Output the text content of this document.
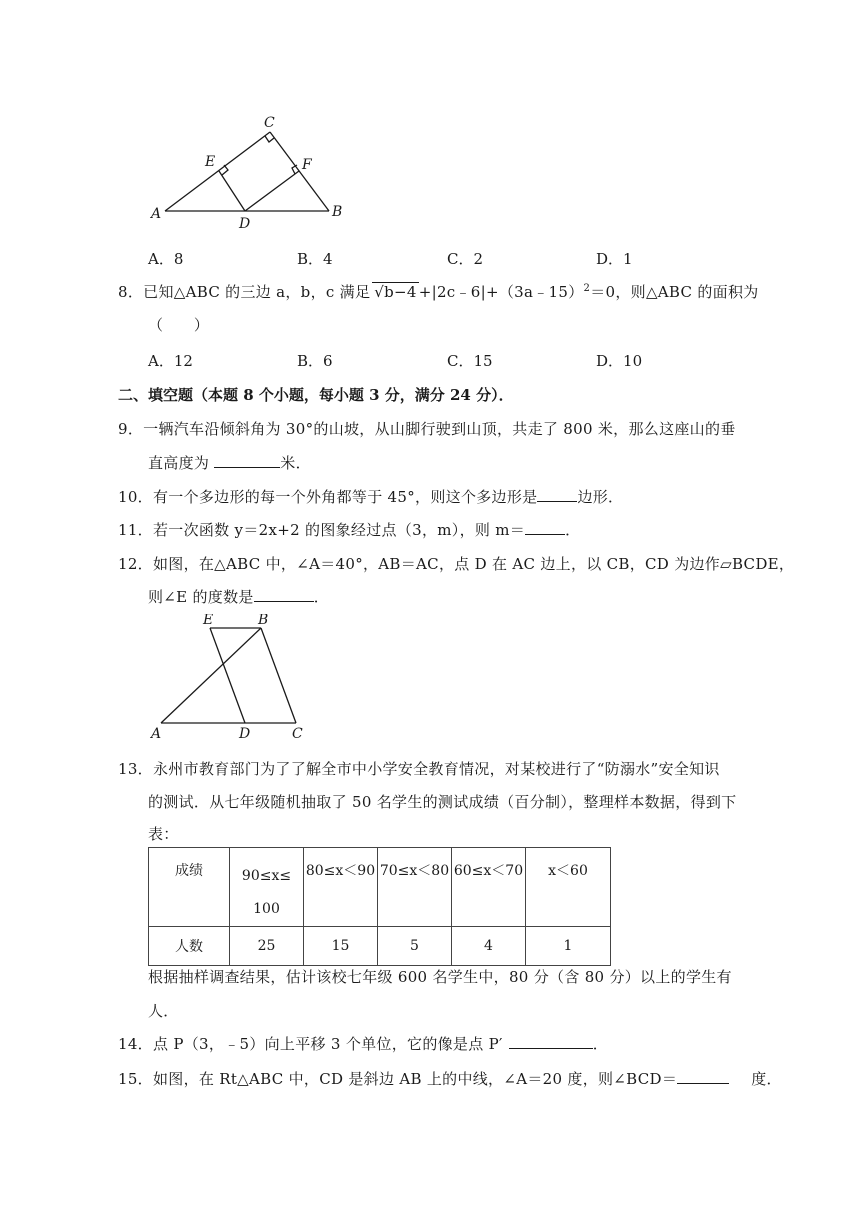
C
E	F
A
D
B
A．8	B．4	C．2	D．1
8．已知△ABC 的三边 a，b，c 满足 √b−4 +|2c﹣6|+（3a﹣15）$^2$＝0，则△ABC 的面积为
（　　）
A．12	B．6	C．15	D．10
二、填空题（本题 8 个小题，每小题 3 分，满分 24 分）．
9．一辆汽车沿倾斜角为 30°的山坡，从山脚行驶到山顶，共走了 800 米，那么这座山的垂
直高度为	米．
10．有一个多边形的每一个外角都等于 45°，则这个多边形是	边形．
11．若一次函数 y＝2x+2 的图象经过点（3，m），则 m＝	．
12．如图，在△ABC 中，∠A＝40°，AB＝AC，点 D 在 AC 边上，以 CB，CD 为边作▱BCDE，
则∠E 的度数是	．
E	B
A	D	C
13．永州市教育部门为了了解全市中小学安全教育情况，对某校进行了“防溺水”安全知识
的测试．从七年级随机抽取了 50 名学生的测试成绩（百分制），整理样本数据，得到下
表：
成绩	90≤x≤
100	80≤x＜90	70≤x＜80	60≤x＜70	x＜60
人数	25	15	5	4	1
根据抽样调查结果，估计该校七年级 600 名学生中，80 分（含 80 分）以上的学生有
人．
14．点 P（3，﹣5）向上平移 3 个单位，它的像是点 P′	．
15．如图，在 Rt△ABC 中，CD 是斜边 AB 上的中线，∠A＝20 度，则∠BCD＝	度．
